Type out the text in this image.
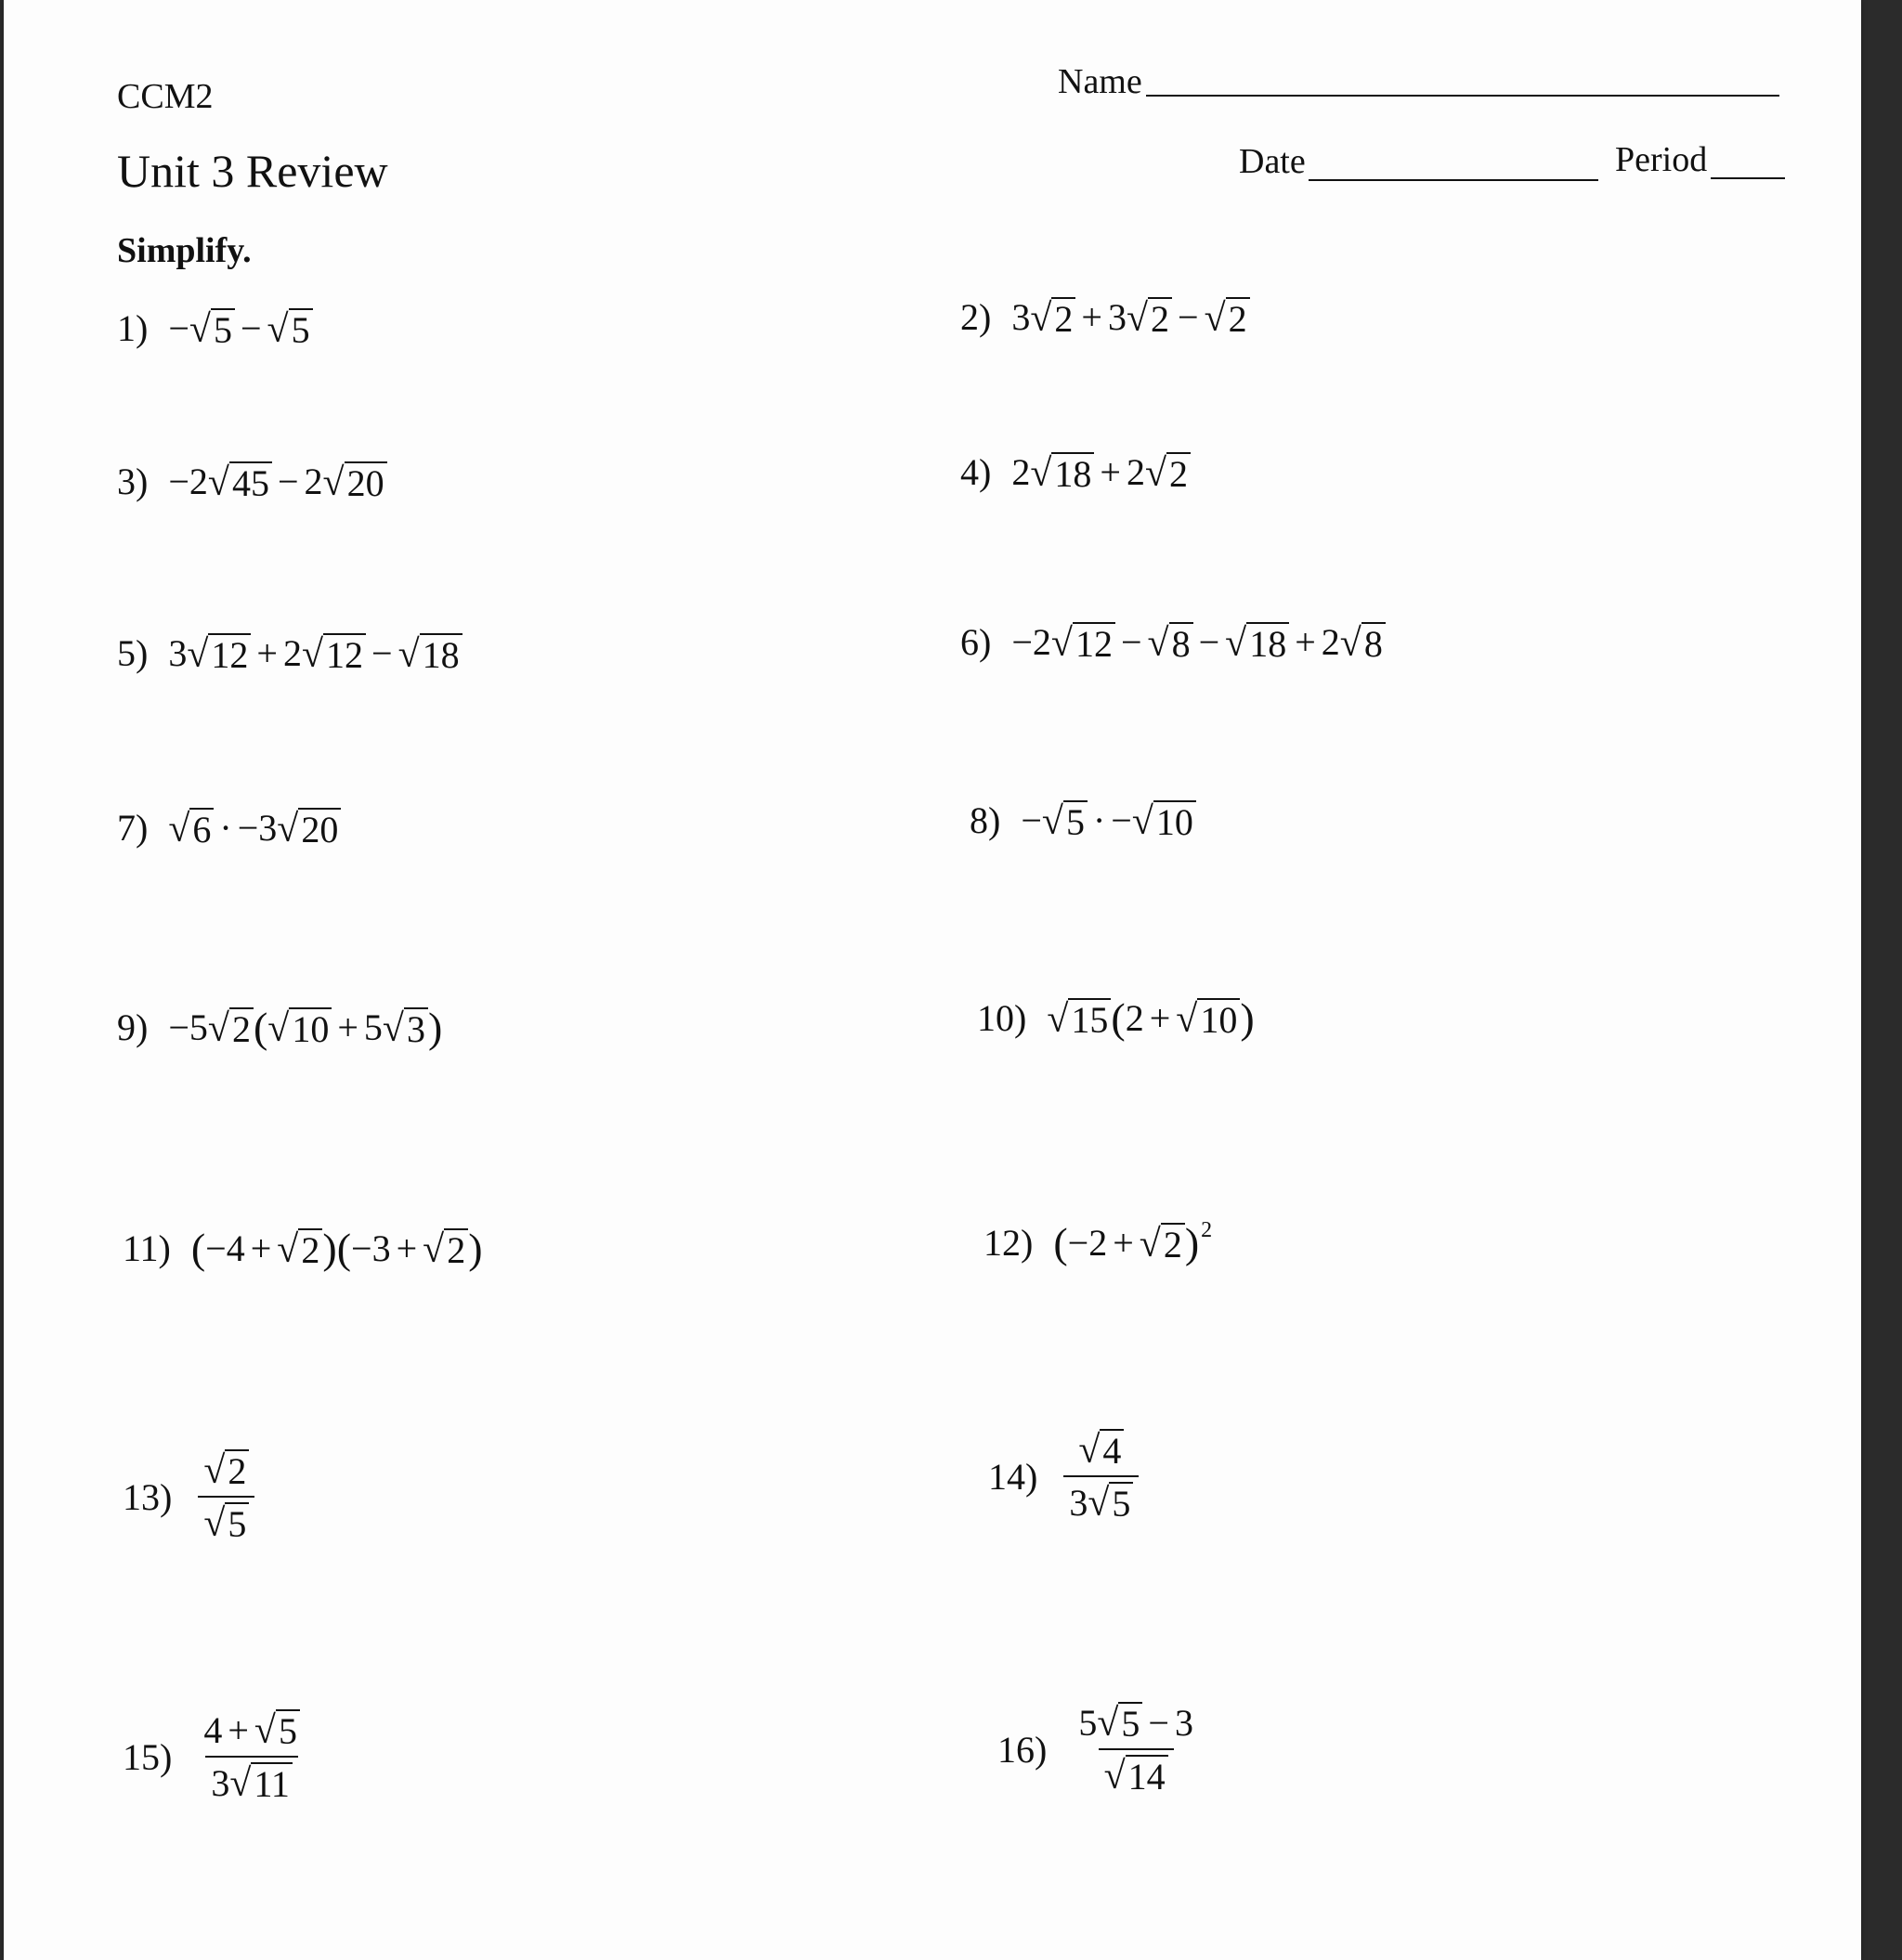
CCM2
Unit 3 Review
Simplify.
Name
Date	Period
1) − √ 5 − √ 5	2) 3 √ 2 + 3 √ 2 − √ 2
3) −2 √ 45 − 2 √ 20	4) 2 √ 18 + 2 √ 2
5) 3 √ 12 + 2 √ 12 − √ 18	6) −2 √ 12 − √ 8 − √ 18 + 2 √ 8
7) √ 6 · −3 √ 20	8) − √ 5 · − √ 10
9) −5 √ 2 ( √ 10 + 5 √ 3 )	10) √ 15 ( 2 + √ 10 )
11) ( −4 + √ 2 ) ( −3 + √ 2 )	12) ( −2 + √ 2 ) 2
$13) \frac{√ 2}{√ 5}$	$14) \frac{√ 4}{3 √ 5}$
$15) \frac{4 + √ 5}{3 √ 11}$	$16) \frac{5 √ 5 - 3}{√ 14}$
